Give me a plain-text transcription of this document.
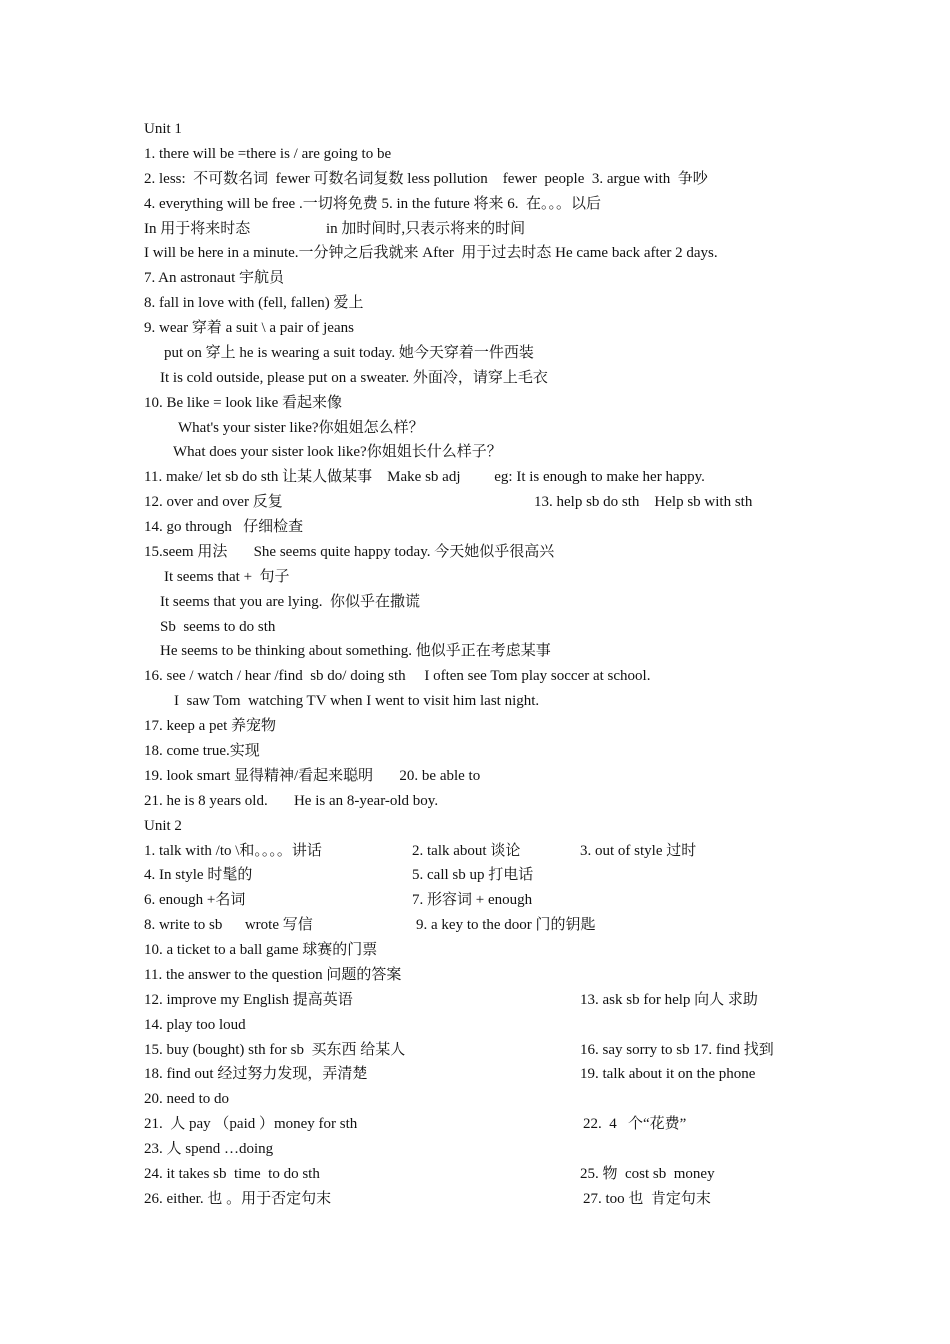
Unit 1
1. there will be =there is / are going to be
2. less:  不可数名词  fewer 可数名词复数 less pollution    fewer  people  3. argue with  争吵
4. everything will be free .一切将免费 5. in the future 将来 6.  在。。。以后
In 用于将来时态	in 加时间时,只表示将来的时间
I will be here in a minute.一分钟之后我就来 After  用于过去时态 He came back after 2 days.
7. An astronaut 宇航员
8. fall in love with (fell, fallen) 爱上
9. wear 穿着 a suit \ a pair of jeans
put on 穿上 he is wearing a suit today. 她今天穿着一件西装
It is cold outside, please put on a sweater. 外面冷，请穿上毛衣
10. Be like = look like 看起来像
What's your sister like?你姐姐怎么样？
What does your sister look like?你姐姐长什么样子？
11. make/ let sb do sth 让某人做某事    Make sb adj         eg: It is enough to make her happy.
12. over and over 反复	13. help sb do sth    Help sb with sth
14. go through   仔细检查
15.seem 用法       She seems quite happy today. 今天她似乎很高兴
It seems that +  句子
It seems that you are lying.  你似乎在撒谎
Sb  seems to do sth
He seems to be thinking about something. 他似乎正在考虑某事
16. see / watch / hear /find  sb do/ doing sth     I often see Tom play soccer at school.
I  saw Tom  watching TV when I went to visit him last night.
17. keep a pet 养宠物
18. come true.实现
19. look smart 显得精神/看起来聪明       20. be able to
21. he is 8 years old.       He is an 8-year-old boy.
Unit 2
1. talk with /to \和。。。。讲话	2. talk about 谈论	3. out of style 过时
4. In style 时髦的	5. call sb up 打电话
6. enough +名词	7. 形容词 + enough
8. write to sb      wrote 写信	9. a key to the door 门的钥匙
10. a ticket to a ball game 球赛的门票
11. the answer to the question 问题的答案
12. improve my English 提高英语	13. ask sb for help 向人 求助
14. play too loud
15. buy (bought) sth for sb  买东西 给某人	16. say sorry to sb 17. find 找到
18. find out 经过努力发现，弄清楚	19. talk about it on the phone
20. need to do
21.  人 pay （paid ）money for sth	22.  4   个“花费”
23. 人 spend …doing
24. it takes sb  time  to do sth	25. 物  cost sb  money
26. either. 也 。用于否定句末	27. too 也  肯定句末
